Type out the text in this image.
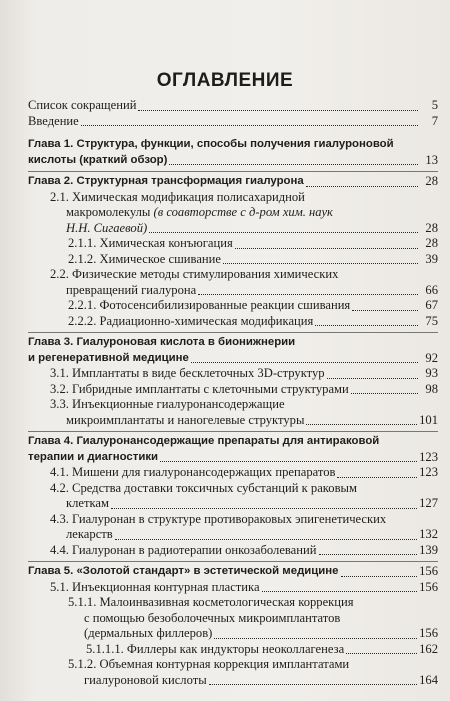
ОГЛАВЛЕНИЕ
Список сокращений	5
Введение	7
Глава 1. Структура, функции, способы получения гиалуроновой
кислоты (краткий обзор)	13
Глава 2. Структурная трансформация гиалурона	28
2.1. Химическая модификация полисахаридной
макромолекулы (в соавторстве с д-ром хим. наук
Н.Н. Сигаевой)	28
2.1.1. Химическая конъюгация	28
2.1.2. Химическое сшивание	39
2.2. Физические методы стимулирования химических
превращений гиалурона	66
2.2.1. Фотосенсибилизированные реакции сшивания	67
2.2.2. Радиационно-химическая модификация	75
Глава 3. Гиалуроновая кислота в бионижнерии
и регенеративной медицине	92
3.1. Имплантаты в виде бесклеточных 3D-структур	93
3.2. Гибридные имплантаты с клеточными структурами	98
3.3. Инъекционные гиалуронансодержащие
микроимплантаты и наногелевые структуры	101
Глава 4. Гиалуронансодержащие препараты для антираковой
терапии и диагностики	123
4.1. Мишени для гиалуронансодержащих препаратов	123
4.2. Средства доставки токсичных субстанций к раковым
клеткам	127
4.3. Гиалуронан в структуре противораковых эпигенетических
лекарств	132
4.4. Гиалуронан в радиотерапии онкозаболеваний	139
Глава 5. «Золотой стандарт» в эстетической медицине	156
5.1. Инъекционная контурная пластика	156
5.1.1. Малоинвазивная косметологическая коррекция
с помощью безоболочечных микроимплантатов
(дермальных филлеров)	156
5.1.1.1. Филлеры как индукторы неоколлагенеза	162
5.1.2. Объемная контурная коррекция имплантатами
гиалуроновой кислоты	164
